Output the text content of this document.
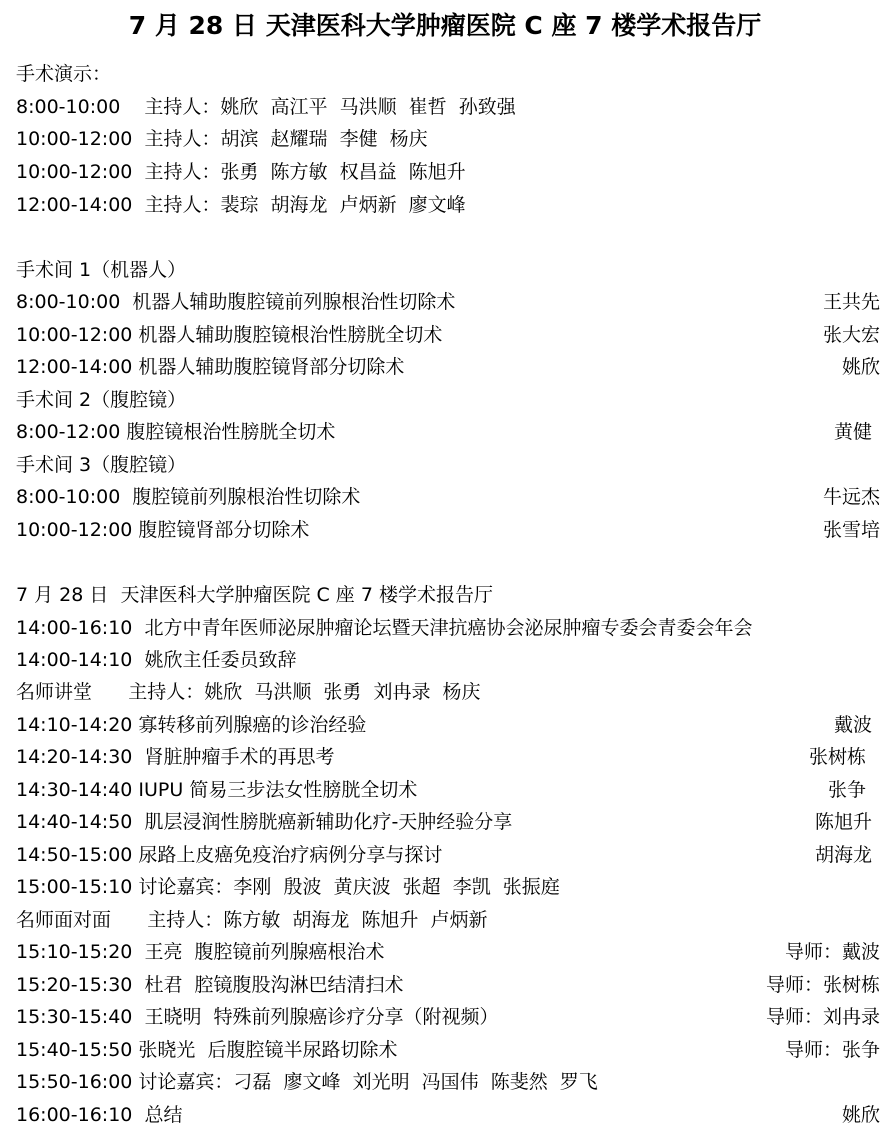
7 月 28 日 天津医科大学肿瘤医院 C 座 7 楼学术报告厅
手术演示：
8:00-10:00    主持人：姚欣  高江平  马洪顺  崔哲  孙致强
10:00-12:00  主持人：胡滨  赵耀瑞  李健  杨庆
10:00-12:00  主持人：张勇  陈方敏  权昌益  陈旭升
12:00-14:00  主持人：裴琮  胡海龙  卢炳新  廖文峰
手术间 1（机器人）
8:00-10:00  机器人辅助腹腔镜前列腺根治性切除术	王共先
10:00-12:00 机器人辅助腹腔镜根治性膀胱全切术	张大宏
12:00-14:00 机器人辅助腹腔镜肾部分切除术	姚欣
手术间 2（腹腔镜）
8:00-12:00 腹腔镜根治性膀胱全切术	黄健
手术间 3（腹腔镜）
8:00-10:00  腹腔镜前列腺根治性切除术	牛远杰
10:00-12:00 腹腔镜肾部分切除术	张雪培
7 月 28 日  天津医科大学肿瘤医院 C 座 7 楼学术报告厅
14:00-16:10  北方中青年医师泌尿肿瘤论坛暨天津抗癌协会泌尿肿瘤专委会青委会年会
14:00-14:10  姚欣主任委员致辞
名师讲堂      主持人：姚欣  马洪顺  张勇  刘冉录  杨庆
14:10-14:20 寡转移前列腺癌的诊治经验	戴波
14:20-14:30  肾脏肿瘤手术的再思考	张树栋
14:30-14:40 IUPU 简易三步法女性膀胱全切术	张争
14:40-14:50  肌层浸润性膀胱癌新辅助化疗-天肿经验分享	陈旭升
14:50-15:00 尿路上皮癌免疫治疗病例分享与探讨	胡海龙
15:00-15:10 讨论嘉宾：李刚  殷波  黄庆波  张超  李凯  张振庭
名师面对面      主持人：陈方敏  胡海龙  陈旭升  卢炳新
15:10-15:20  王亮  腹腔镜前列腺癌根治术	导师：戴波
15:20-15:30  杜君  腔镜腹股沟淋巴结清扫术	导师：张树栋
15:30-15:40  王晓明  特殊前列腺癌诊疗分享（附视频）	导师：刘冉录
15:40-15:50 张晓光  后腹腔镜半尿路切除术	导师：张争
15:50-16:00 讨论嘉宾：刁磊  廖文峰  刘光明  冯国伟  陈斐然  罗飞
16:00-16:10  总结	姚欣
